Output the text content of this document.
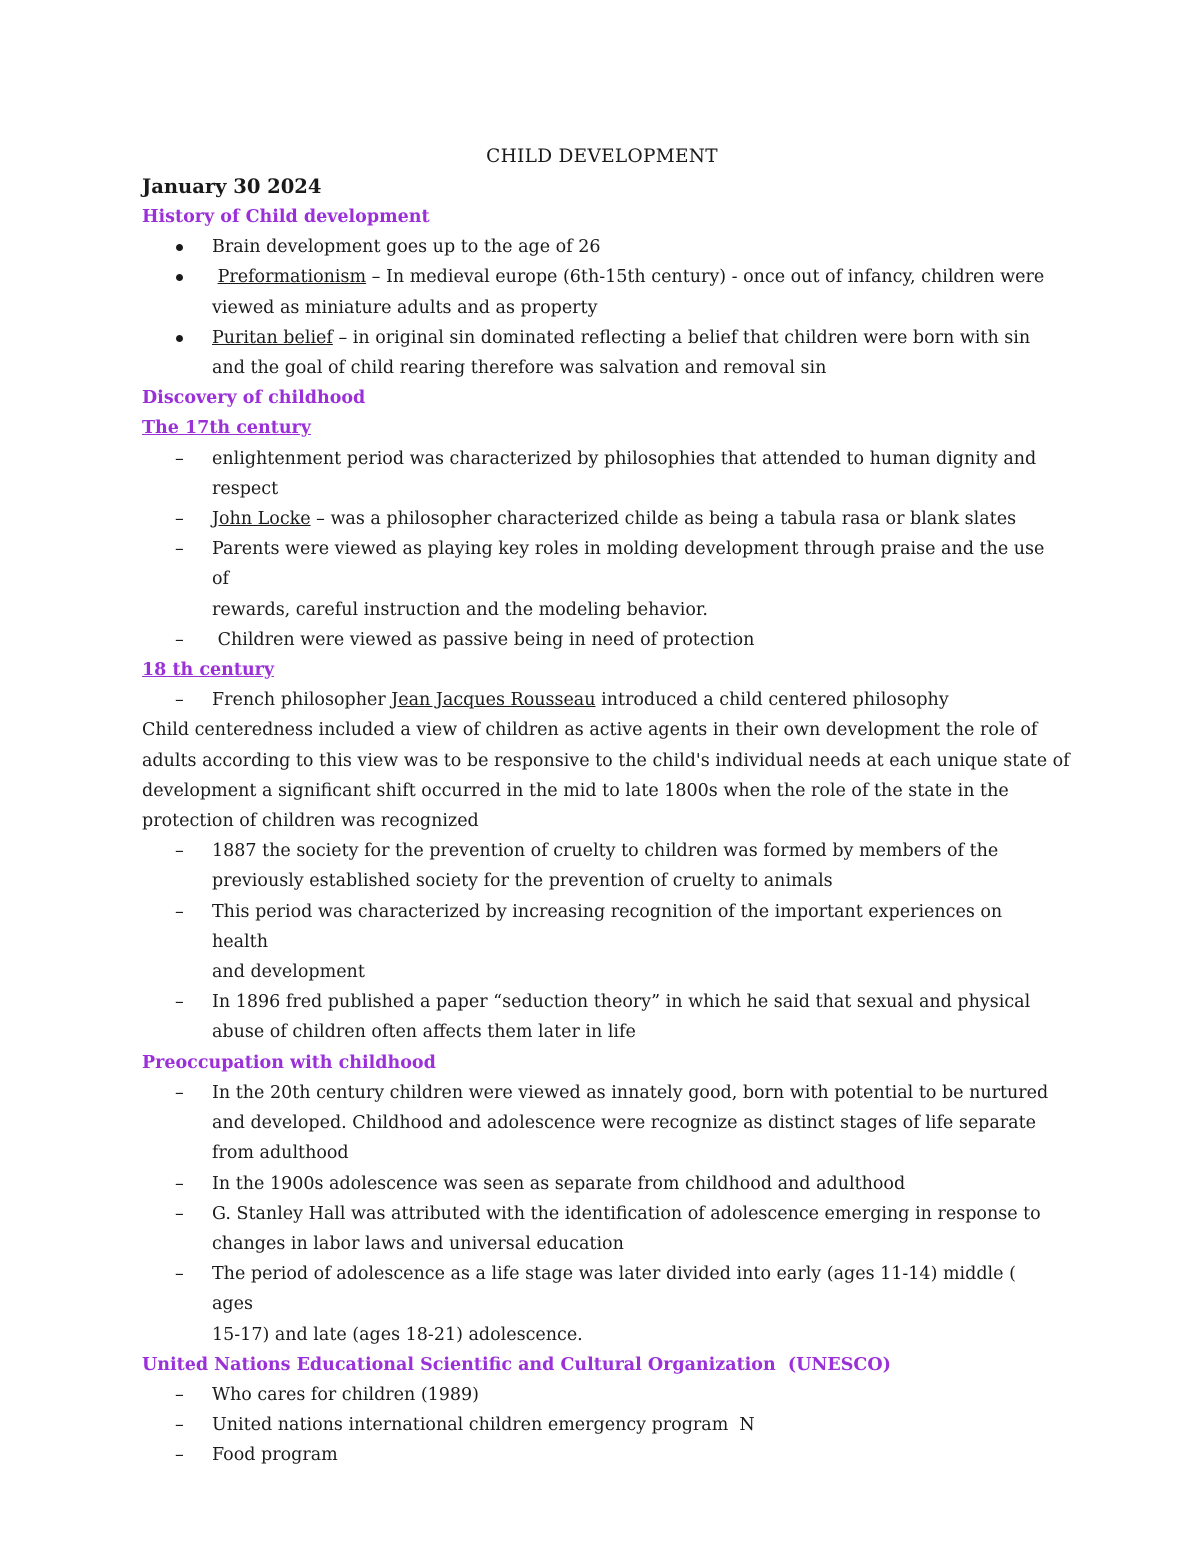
CHILD DEVELOPMENT
January 30 2024
History of Child development
Brain development goes up to the age of 26
Preformationism – In medieval europe (6th-15th century) - once out of infancy, children were
viewed as miniature adults and as property
Puritan belief – in original sin dominated reflecting a belief that children were born with sin
and the goal of child rearing therefore was salvation and removal sin
Discovery of childhood
The 17th century
– enlightenment period was characterized by philosophies that attended to human dignity and
respect
– John Locke – was a philosopher characterized childe as being a tabula rasa or blank slates
– Parents were viewed as playing key roles in molding development through praise and the use of
rewards, careful instruction and the modeling behavior.
– Children were viewed as passive being in need of protection
18 th century
– French philosopher Jean Jacques Rousseau introduced a child centered philosophy
Child centeredness included a view of children as active agents in their own development the role of
adults according to this view was to be responsive to the child's individual needs at each unique state of
development a significant shift occurred in the mid to late 1800s when the role of the state in the
protection of children was recognized
– 1887 the society for the prevention of cruelty to children was formed by members of the
previously established society for the prevention of cruelty to animals
– This period was characterized by increasing recognition of the important experiences on health
and development
– In 1896 fred published a paper “seduction theory” in which he said that sexual and physical
abuse of children often affects them later in life
Preoccupation with childhood
– In the 20th century children were viewed as innately good, born with potential to be nurtured
and developed. Childhood and adolescence were recognize as distinct stages of life separate
from adulthood
– In the 1900s adolescence was seen as separate from childhood and adulthood
– G. Stanley Hall was attributed with the identification of adolescence emerging in response to
changes in labor laws and universal education
– The period of adolescence as a life stage was later divided into early (ages 11-14) middle ( ages
15-17) and late (ages 18-21) adolescence.
United Nations Educational Scientific and Cultural Organization  (UNESCO)
– Who cares for children (1989)
– United nations international children emergency program  N
– Food program
